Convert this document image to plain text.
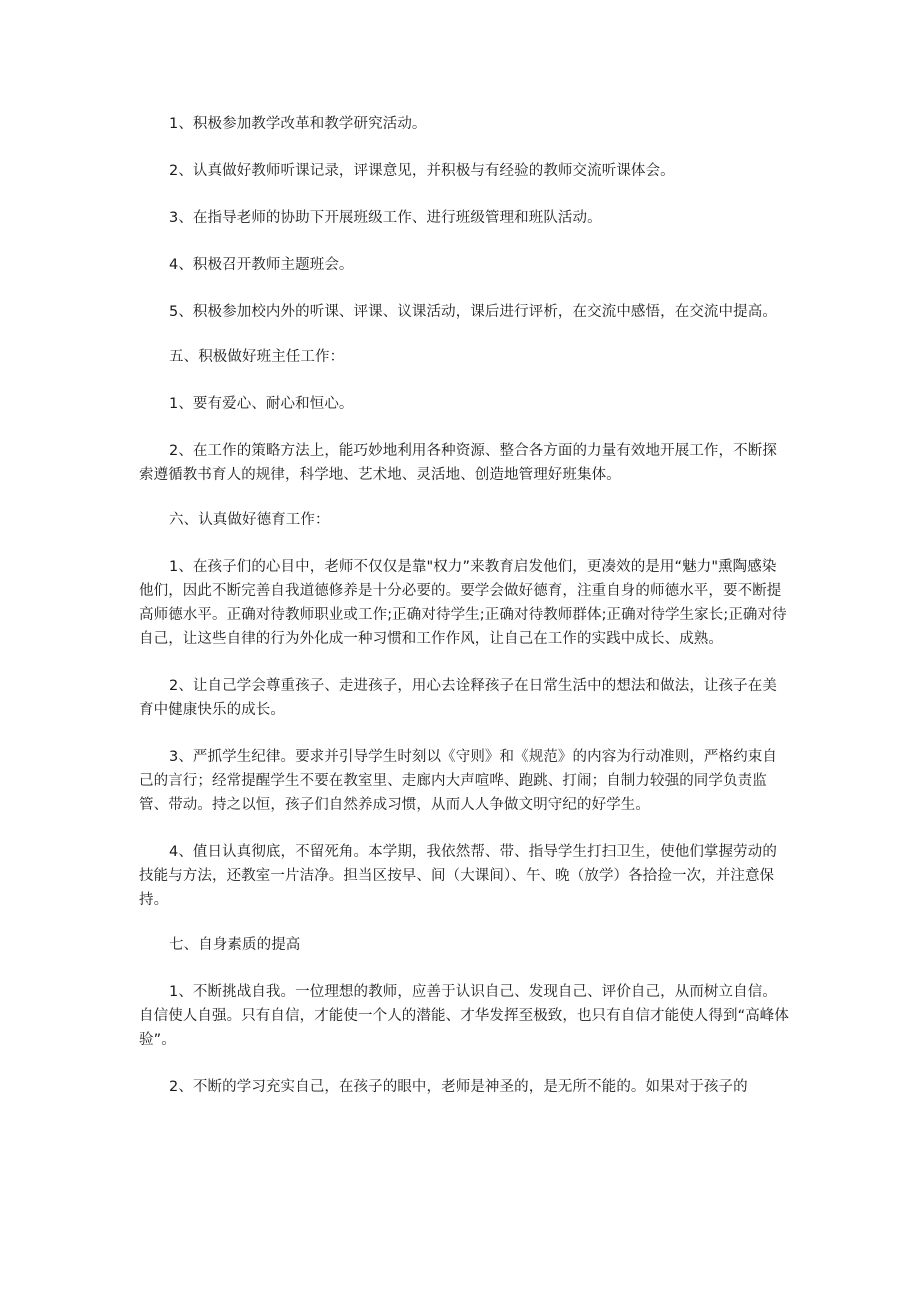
1、积极参加教学改革和教学研究活动。

2、认真做好教师听课记录，评课意见，并积极与有经验的教师交流听课体会。

3、在指导老师的协助下开展班级工作、进行班级管理和班队活动。

4、积极召开教师主题班会。

5、积极参加校内外的听课、评课、议课活动，课后进行评析，在交流中感悟，在交流中提高。

五、积极做好班主任工作：

1、要有爱心、耐心和恒心。

2、在工作的策略方法上，能巧妙地利用各种资源、整合各方面的力量有效地开展工作，不断探索遵循教书育人的规律，科学地、艺术地、灵活地、创造地管理好班集体。

六、认真做好德育工作：

1、在孩子们的心目中，老师不仅仅是靠"权力”来教育启发他们，更凑效的是用“魅力"熏陶感染他们，因此不断完善自我道德修养是十分必要的。要学会做好德育，注重自身的师德水平，要不断提高师德水平。正确对待教师职业或工作;正确对待学生;正确对待教师群体;正确对待学生家长;正确对待自己，让这些自律的行为外化成一种习惯和工作作风，让自己在工作的实践中成长、成熟。

2、让自己学会尊重孩子、走进孩子，用心去诠释孩子在日常生活中的想法和做法，让孩子在美育中健康快乐的成长。

3、严抓学生纪律。要求并引导学生时刻以《守则》和《规范》的内容为行动准则，严格约束自己的言行；经常提醒学生不要在教室里、走廊内大声喧哗、跑跳、打闹；自制力较强的同学负责监管、带动。持之以恒，孩子们自然养成习惯，从而人人争做文明守纪的好学生。

4、值日认真彻底，不留死角。本学期，我依然帮、带、指导学生打扫卫生，使他们掌握劳动的技能与方法，还教室一片洁净。担当区按早、间（大课间）、午、晚（放学）各拾捡一次，并注意保持。

七、自身素质的提高

1、不断挑战自我。一位理想的教师，应善于认识自己、发现自己、评价自己，从而树立自信。自信使人自强。只有自信，才能使一个人的潜能、才华发挥至极致，也只有自信才能使人得到“高峰体验”。

2、不断的学习充实自己，在孩子的眼中，老师是神圣的，是无所不能的。如果对于孩子的
